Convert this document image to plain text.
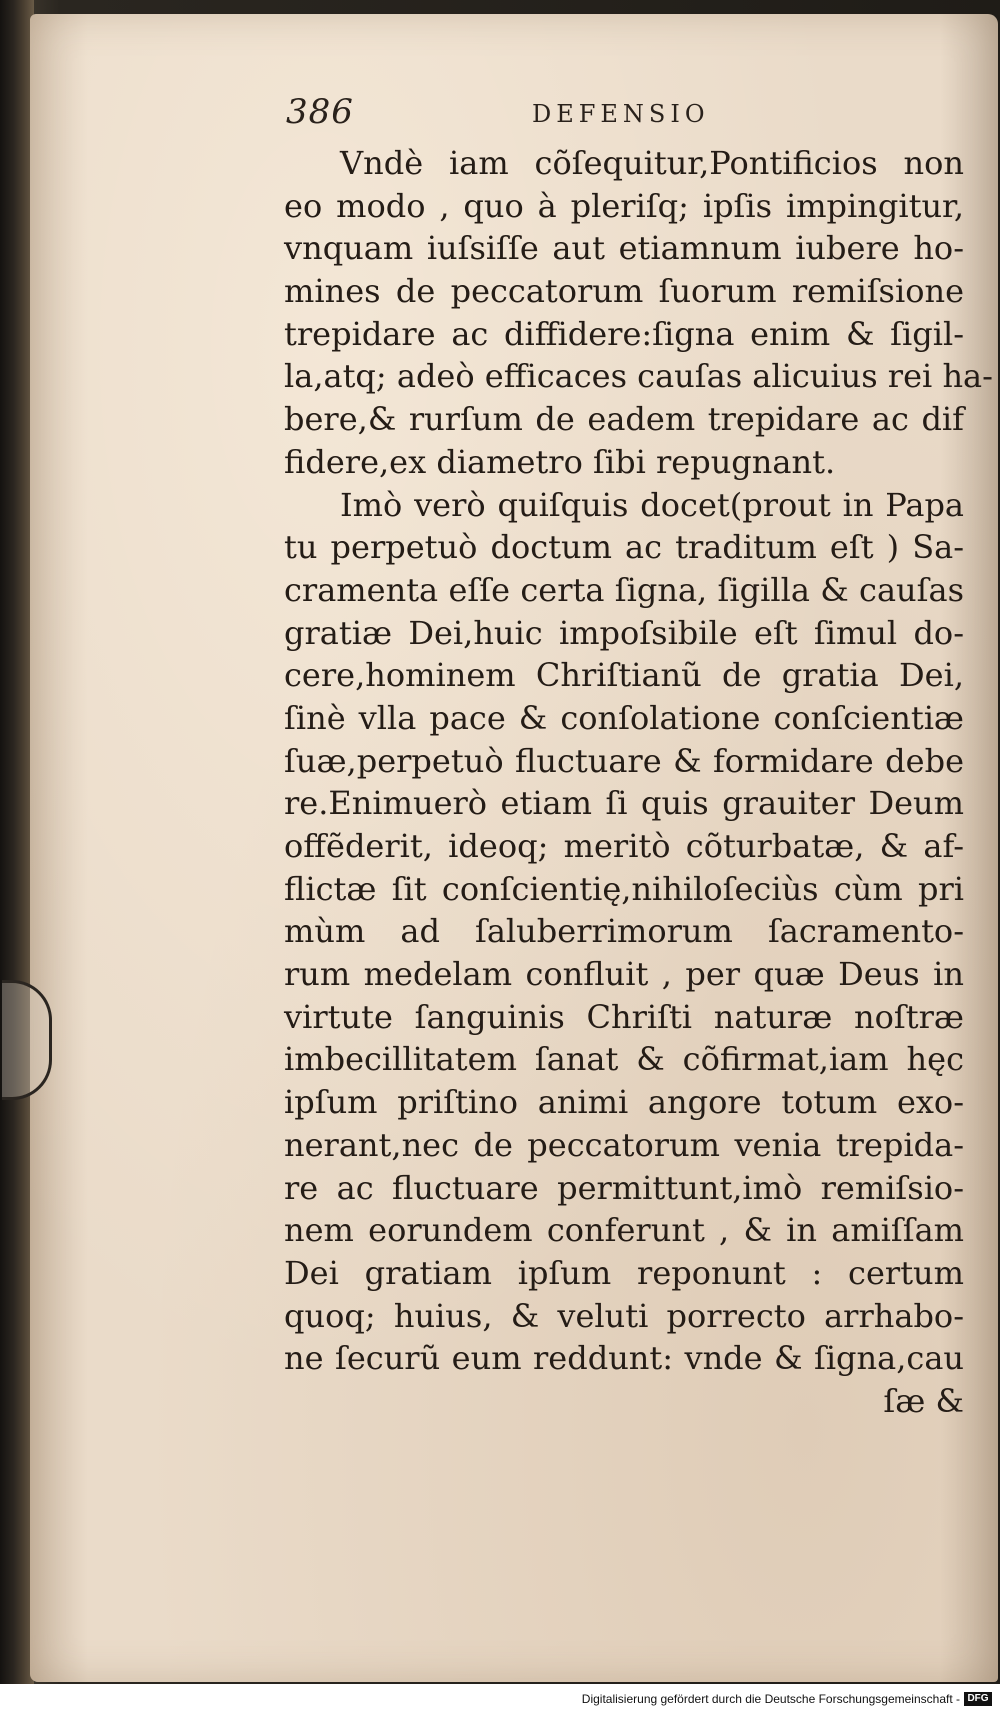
386	DEFENSIO
Vndè iam cõſequitur,Pontificios non
eo modo , quo à pleriſq; ipſis impingitur,
vnquam iuſsiſſe aut etiamnum iubere ho-
mines de peccatorum ſuorum remiſsione
trepidare ac diffidere:ſigna enim & ſigil-
la,atq; adeò efficaces cauſas alicuius rei ha-
bere,& rurſum de eadem trepidare ac dif
fidere,ex diametro ſibi repugnant.
Imò verò quiſquis docet(prout in Papa
tu perpetuò doctum ac traditum eſt ) Sa-
cramenta eſſe certa ſigna, ſigilla & cauſas
gratiæ Dei,huic impoſsibile eſt ſimul do-
cere,hominem Chriſtianũ de gratia Dei,
ſinè vlla pace & conſolatione conſcientiæ
ſuæ,perpetuò fluctuare & formidare debe
re.Enimuerò etiam ſi quis grauiter Deum
offẽderit, ideoq; meritò cõturbatæ, & af-
flictæ ſit conſcientię,nihiloſeciùs cùm pri
mùm ad ſaluberrimorum ſacramento-
rum medelam confluit , per quæ Deus in
virtute ſanguinis Chriſti naturæ noſtræ
imbecillitatem ſanat & cõfirmat,iam hęc
ipſum priſtino animi angore totum exo-
nerant,nec de peccatorum venia trepida-
re ac fluctuare permittunt,imò remiſsio-
nem eorundem conferunt , & in amiſſam
Dei gratiam ipſum reponunt : certum
quoq; huius, & veluti porrecto arrhabo-
ne ſecurũ eum reddunt: vnde & ſigna,cau
ſæ &
Digitalisierung gefördert durch die Deutsche Forschungsgemeinschaft - DFG
